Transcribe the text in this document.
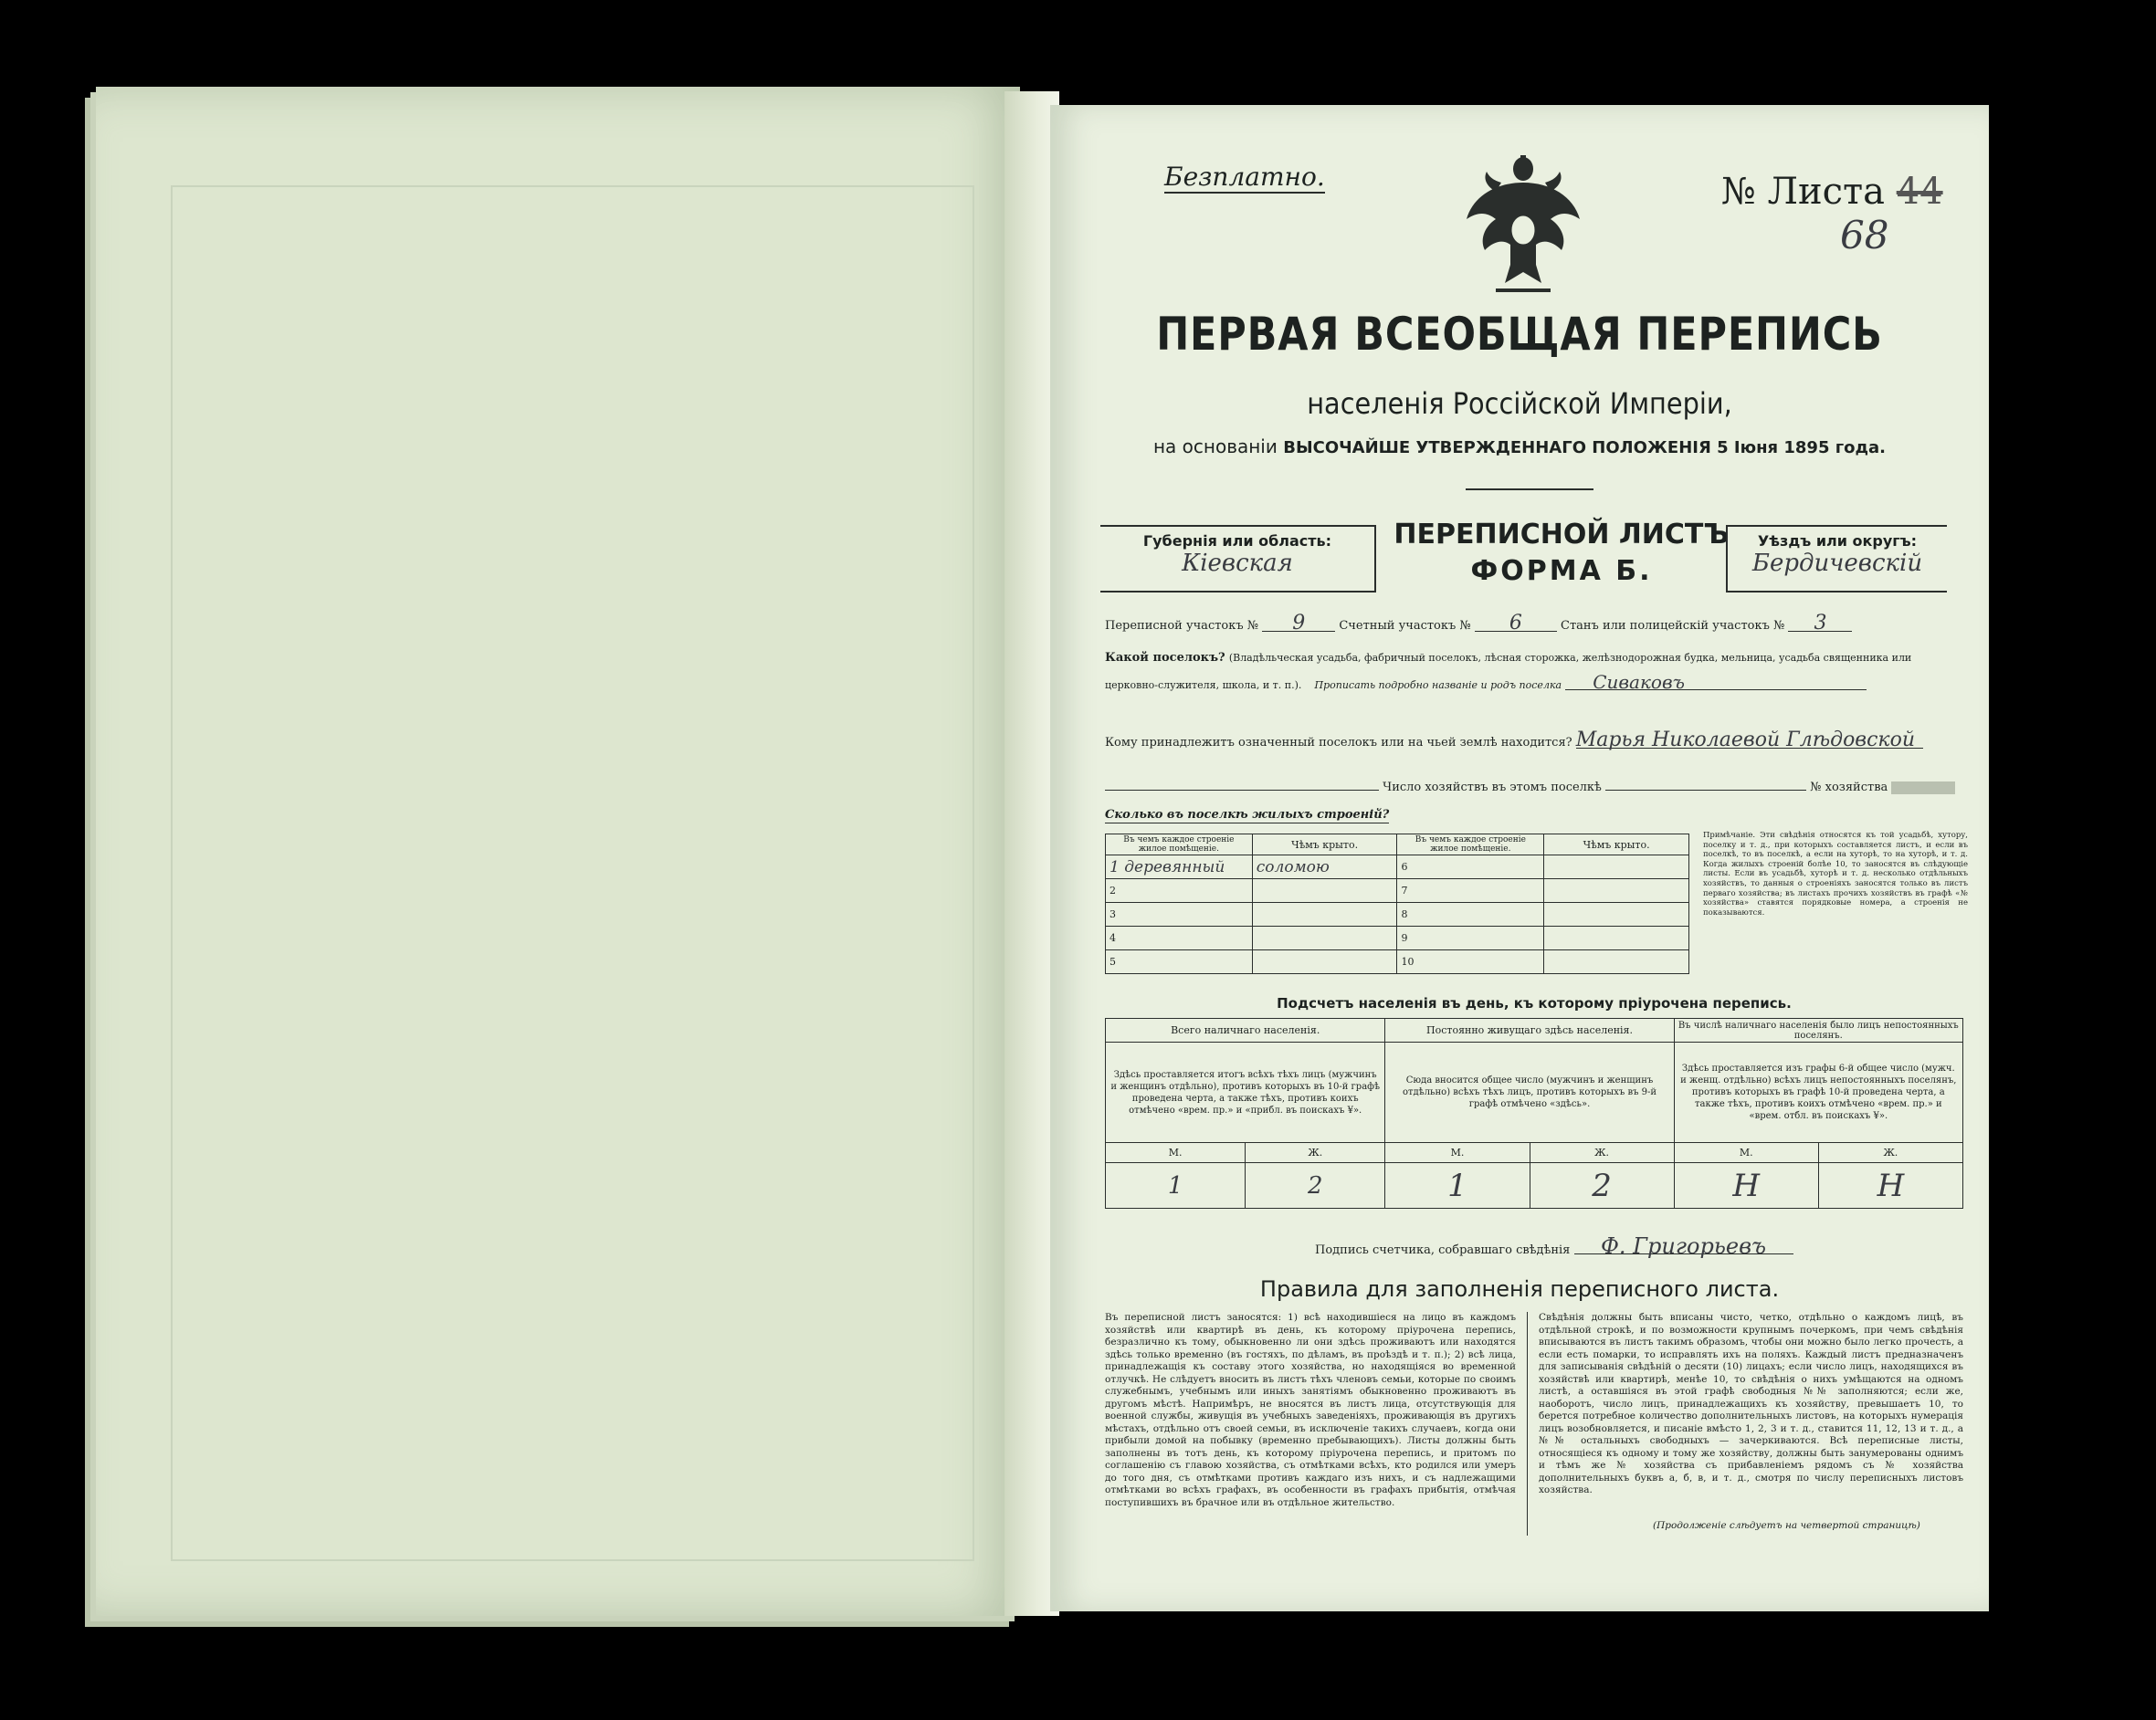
Безплатно.	№ Листа 44
68
ПЕРВАЯ ВСЕОБЩАЯ ПЕРЕПИСЬ
населенія Россійской Имперіи,
на основаніи ВЫСОЧАЙШЕ УТВЕРЖДЕННАГО ПОЛОЖЕНІЯ 5 Іюня 1895 года.
Губернія или область:
Кіевская
ПЕРЕПИСНОЙ ЛИСТЪ
ФОРМА Б.
Уѣздъ или округъ:
Бердичевскій
Переписной участокъ № 9	Счетный участокъ № 6	Станъ или полицейскій участокъ № 3
Какой поселокъ? (Владѣльческая усадьба, фабричный поселокъ, лѣсная сторожка, желѣзнодорожная будка, мельница, усадьба священника или
церковно-служителя, школа, и т. п.). Прописать подробно названіе и родъ поселка Сиваковъ
Кому принадлежитъ означенный поселокъ или на чьей землѣ находится? Марья Николаевой Глѣдовской
Число хозяйствъ въ этомъ поселкѣ	№ хозяйства
Сколько въ поселкѣ жилыхъ строеній?
Въ чемъ каждое строеніе жилое помѣщеніе.	Чѣмъ крыто.	Въ чемъ каждое строеніе жилое помѣщеніе.	Чѣмъ крыто.
1 деревянный	соломою	6	
2		7	
3		8	
4		9	
5		10	
Примѣчаніе. Эти свѣдѣнія относятся къ той усадьбѣ, хутору, поселку и т. д., при которыхъ составляется листъ, и если въ поселкѣ, то въ поселкѣ, а если на хуторѣ, то на хуторѣ, и т. д. Когда жилыхъ строеній болѣе 10, то заносятся въ слѣдующіе листы. Если въ усадьбѣ, хуторѣ и т. д. несколько отдѣльныхъ хозяйствъ, то данныя о строеніяхъ заносятся только въ листъ перваго хозяйства; въ листахъ прочихъ хозяйствъ въ графѣ «№ хозяйства» ставятся порядковые номера, а строенія не показываются.
Подсчетъ населенія въ день, къ которому пріурочена перепись.
Всего наличнаго населенія.		Постоянно живущаго здѣсь населенія.		Въ числѣ наличнаго населенія было лицъ непостоянныхъ поселянъ.	
Здѣсь проставляется итогъ всѣхъ тѣхъ лицъ (мужчинъ и женщинъ отдѣльно), противъ которыхъ въ 10-й графѣ проведена черта, а также тѣхъ, противъ коихъ отмѣчено «врем. пр.» и «прибл. въ поискахъ ¥».		Сюда вносится общее число (мужчинъ и женщинъ отдѣльно) всѣхъ тѣхъ лицъ, противъ которыхъ въ 9-й графѣ отмѣчено «здѣсь».		Здѣсь проставляется изъ графы 6-й общее число (мужч. и женщ. отдѣльно) всѣхъ лицъ непостоянныхъ поселянъ, противъ которыхъ въ графѣ 10-й проведена черта, а также тѣхъ, противъ коихъ отмѣчено «врем. пр.» и «врем. отбл. въ поискахъ ¥».	
М.	Ж.	М.	Ж.	М.	Ж.
1	2	1	2	Н	Н
Подпись счетчика, собравшаго свѣдѣнія Ф. Григорьевъ
Правила для заполненія переписного листа.
Въ переписной листъ заносятся: 1) всѣ находившіеся на лицо въ каждомъ хозяйствѣ или квартирѣ въ день, къ которому пріурочена перепись, безразлично къ тому, обыкновенно ли они здѣсь проживаютъ или находятся здѣсь только временно (въ гостяхъ, по дѣламъ, въ проѣздѣ и т. п.); 2) всѣ лица, принадлежащія къ составу этого хозяйства, но находящіяся во временной отлучкѣ. Не слѣдуетъ вносить въ листъ тѣхъ членовъ семьи, которые по своимъ служебнымъ, учебнымъ или иныхъ занятіямъ обыкновенно проживаютъ въ другомъ мѣстѣ. Напримѣръ, не вносятся въ листъ лица, отсутствующія для военной службы, живущія въ учебныхъ заведеніяхъ, проживающія въ другихъ мѣстахъ, отдѣльно отъ своей семьи, въ исключеніе такихъ случаевъ, когда они прибыли домой на побывку (временно пребывающихъ). Листы должны быть заполнены въ тотъ день, къ которому пріурочена перепись, и притомъ по соглашенію съ главою хозяйства, съ отмѣтками всѣхъ, кто родился или умеръ до того дня, съ отмѣтками противъ каждаго изъ нихъ, и съ надлежащими отмѣтками во всѣхъ графахъ, въ особенности въ графахъ прибытія, отмѣчая поступившихъ въ брачное или въ отдѣльное жительство.
Свѣдѣнія должны быть вписаны чисто, четко, отдѣльно о каждомъ лицѣ, въ отдѣльной строкѣ, и по возможности крупнымъ почеркомъ, при чемъ свѣдѣнія вписываются въ листъ такимъ образомъ, чтобы они можно было легко прочесть, а если есть помарки, то исправлять ихъ на поляхъ. Каждый листъ предназначенъ для записыванія свѣдѣній о десяти (10) лицахъ; если число лицъ, находящихся въ хозяйствѣ или квартирѣ, менѣе 10, то свѣдѣнія о нихъ умѣщаются на одномъ листѣ, а оставшіяся въ этой графѣ свободныя №№ заполняются; если же, наоборотъ, число лицъ, принадлежащихъ къ хозяйству, превышаетъ 10, то берется потребное количество дополнительныхъ листовъ, на которыхъ нумерація лицъ возобновляется, и писаніе вмѣсто 1, 2, 3 и т. д., ставится 11, 12, 13 и т. д., а №№ остальныхъ свободныхъ — зачеркиваются. Всѣ переписные листы, относящіеся къ одному и тому же хозяйству, должны быть занумерованы однимъ и тѣмъ же № хозяйства съ прибавленіемъ рядомъ съ № хозяйства дополнительныхъ буквъ а, б, в, и т. д., смотря по числу переписныхъ листовъ хозяйства.
(Продолженіе слѣдуетъ на четвертой страницѣ)
